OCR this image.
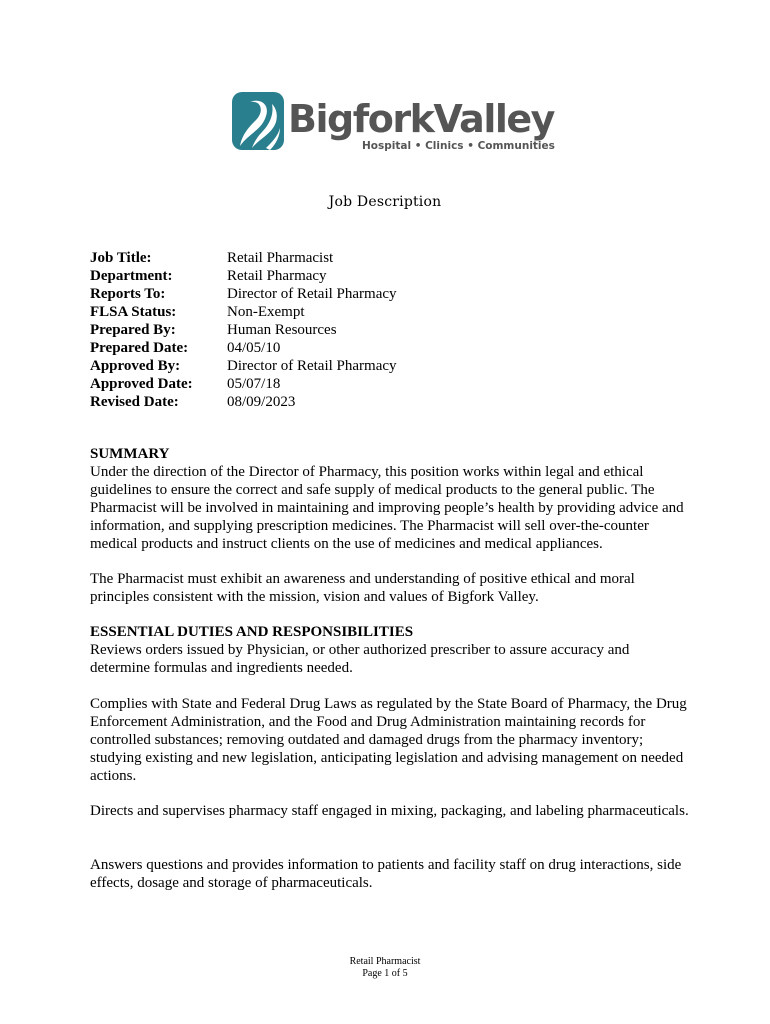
BigforkValley
Hospital • Clinics • Communities
Job Description
Job Title:	Retail Pharmacist
Department:	Retail Pharmacy
Reports To:	Director of Retail Pharmacy
FLSA Status:	Non-Exempt
Prepared By:	Human Resources
Prepared Date:	04/05/10
Approved By:	Director of Retail Pharmacy
Approved Date:	05/07/18
Revised Date:	08/09/2023

SUMMARY

Under the direction of the Director of Pharmacy, this position works within legal and ethical guidelines to ensure the correct and safe supply of medical products to the general public. The Pharmacist will be involved in maintaining and improving people’s health by providing advice and information, and supplying prescription medicines. The Pharmacist will sell over-the-counter medical products and instruct clients on the use of medicines and medical appliances.

The Pharmacist must exhibit an awareness and understanding of positive ethical and moral principles consistent with the mission, vision and values of Bigfork Valley.

ESSENTIAL DUTIES AND RESPONSIBILITIES

Reviews orders issued by Physician, or other authorized prescriber to assure accuracy and determine formulas and ingredients needed.

Complies with State and Federal Drug Laws as regulated by the State Board of Pharmacy, the Drug Enforcement Administration, and the Food and Drug Administration maintaining records for controlled substances; removing outdated and damaged drugs from the pharmacy inventory; studying existing and new legislation, anticipating legislation and advising management on needed actions.

Directs and supervises pharmacy staff engaged in mixing, packaging, and labeling pharmaceuticals.

Answers questions and provides information to patients and facility staff on drug interactions, side effects, dosage and storage of pharmaceuticals.

Retail Pharmacist
Page 1 of 5
